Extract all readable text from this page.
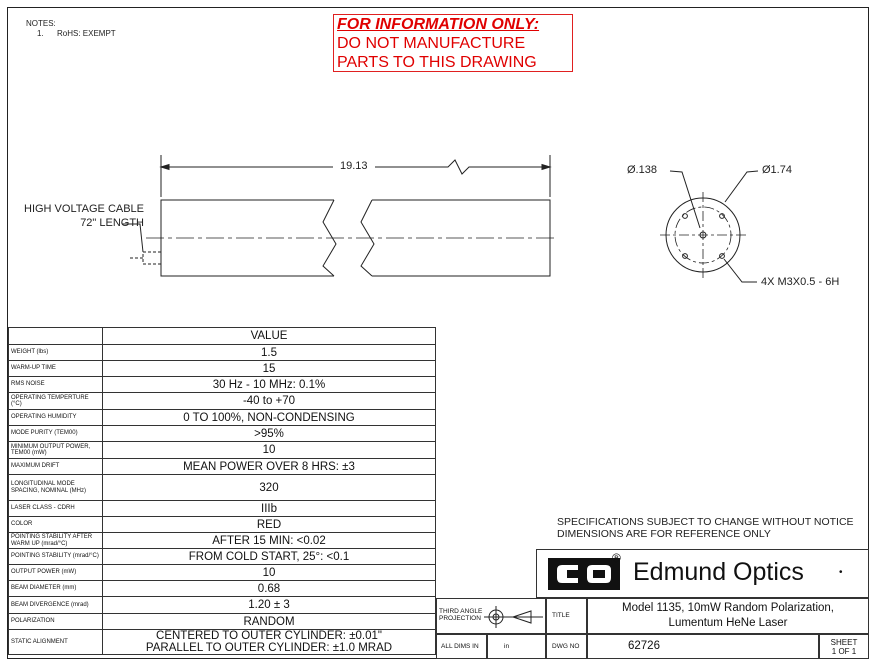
NOTES:
1. RoHS: EXEMPT
FOR INFORMATION ONLY:
DO NOT MANUFACTURE
PARTS TO THIS DRAWING
19.13
HIGH VOLTAGE CABLE
72" LENGTH
Ø.138	Ø1.74
4X M3X0.5 - 6H
	VALUE
WEIGHT (lbs)	1.5
WARM-UP TIME	15
RMS NOISE	30 Hz - 10 MHz: 0.1%
OPERATING TEMPERTURE (°C)	-40 to +70
OPERATING HUMIDITY	0 TO 100%, NON-CONDENSING
MODE PURITY (TEM00)	>95%
MINIMUM OUTPUT POWER, TEM00 (mW)	10
MAXIMUM DRIFT	MEAN POWER OVER 8 HRS: ±3
LONGITUDINAL MODE SPACING, NOMINAL (MHz)	320
LASER CLASS - CDRH	IIIb
COLOR	RED
POINTING STABILITY AFTER WARM UP (mrad/°C)	AFTER 15 MIN: <0.02
POINTING STABILITY (mrad/°C)	FROM COLD START, 25°: <0.1
OUTPUT POWER (mW)	10
BEAM DIAMETER (mm)	0.68
BEAM DIVERGENCE (mrad)	1.20 ± 3
POLARIZATION	RANDOM
STATIC ALIGNMENT	CENTERED TO OUTER CYLINDER: ±0.01"
PARALLEL TO OUTER CYLINDER: ±1.0 MRAD
SPECIFICATIONS SUBJECT TO CHANGE WITHOUT NOTICE
DIMENSIONS ARE FOR REFERENCE ONLY
® Edmund Optics	•
THIRD ANGLE PROJECTION	TITLE
Model 1135, 10mW Random Polarization,
Lumentum HeNe Laser
ALL DIMS IN	in	DWG NO	62726	SHEET
1 OF 1
